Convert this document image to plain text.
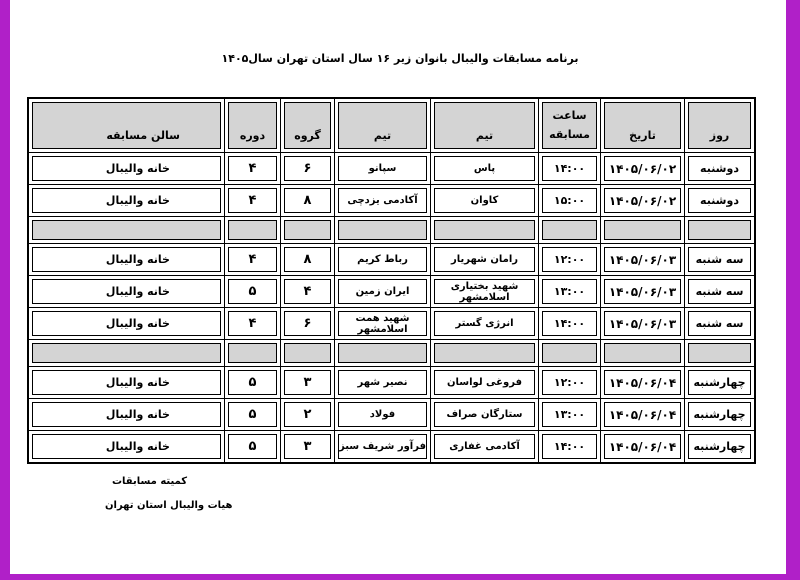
برنامه مسابقات والیبال بانوان زیر ۱۶ سال استان تهران سال۱۴۰۵
روز
تاریخ
ساعت مسابقه
تیم
تیم
گروه
دوره
سالن مسابقه
دوشنبه
۱۴۰۵/۰۶/۰۲
۱۴:۰۰
پاس
سپانو
۶
۴
خانه والیبال
دوشنبه
۱۴۰۵/۰۶/۰۲
۱۵:۰۰
کاوان
آکادمی یزدچی
۸
۴
خانه والیبال
سه شنبه
۱۴۰۵/۰۶/۰۳
۱۲:۰۰
رامان شهریار
رباط کریم
۸
۴
خانه والیبال
سه شنبه
۱۴۰۵/۰۶/۰۳
۱۳:۰۰
شهید بختیاری اسلامشهر
ایران زمین
۴
۵
خانه والیبال
سه شنبه
۱۴۰۵/۰۶/۰۳
۱۴:۰۰
انرژی گستر
شهید همت اسلامشهر
۶
۴
خانه والیبال
چهارشنبه
۱۴۰۵/۰۶/۰۴
۱۲:۰۰
فروغی لواسان
نصیر شهر
۳
۵
خانه والیبال
چهارشنبه
۱۴۰۵/۰۶/۰۴
۱۳:۰۰
ستارگان صراف
فولاد
۲
۵
خانه والیبال
چهارشنبه
۱۴۰۵/۰۶/۰۴
۱۴:۰۰
آکادمی غفاری
فرآور شریف سبز
۳
۵
خانه والیبال
کمیته مسابقات
هیات والیبال استان تهران
